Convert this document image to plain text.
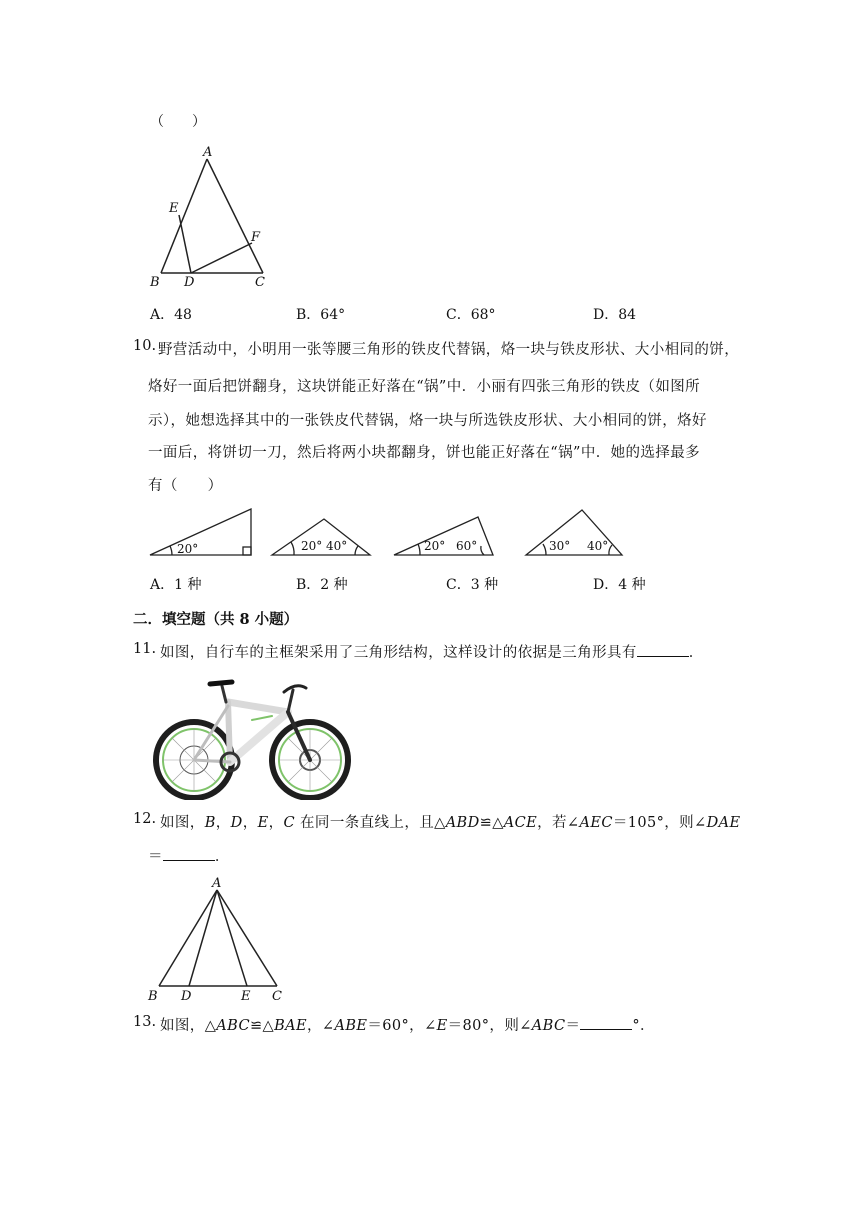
（　　）
A
E
F
B D	C
A．48	B．64°	C．68°	D．84
10. 野营活动中，小明用一张等腰三角形的铁皮代替锅，烙一块与铁皮形状、大小相同的饼，
烙好一面后把饼翻身，这块饼能正好落在“锅”中．小丽有四张三角形的铁皮（如图所
示），她想选择其中的一张铁皮代替锅，烙一块与所选铁皮形状、大小相同的饼，烙好
一面后，将饼切一刀，然后将两小块都翻身，饼也能正好落在“锅”中．她的选择最多
有（　　）
20°	20° 40°	20° 60°	30° 40°
A．1 种	B．2 种	C．3 种	D．4 种
二．填空题（共 8 小题）
11. 如图，自行车的主框架采用了三角形结构，这样设计的依据是三角形具有	．
12. 如图，B，D，E，C 在同一条直线上，且△ABD≌△ACE，若∠AEC＝105°，则∠DAE
＝	．
A
B D	E C
13. 如图，△ABC≌△BAE，∠ABE＝60°，∠E＝80°，则∠ABC＝	°．
